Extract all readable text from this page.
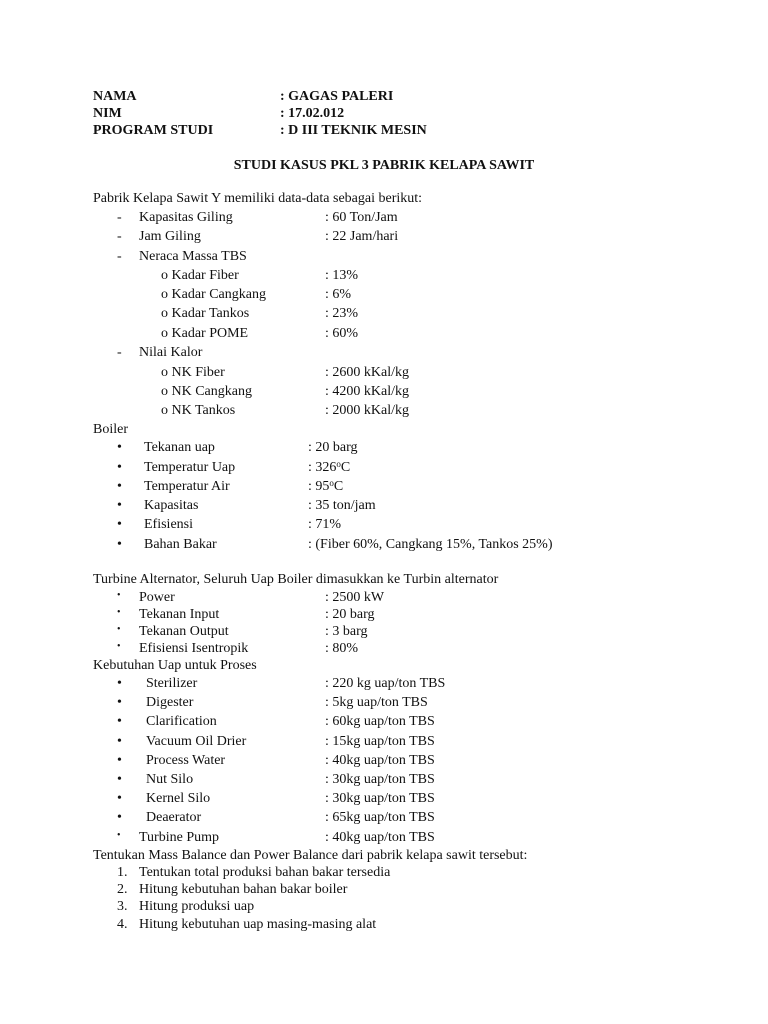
NAMA	: GAGAS PALERI
NIM	: 17.02.012
PROGRAM STUDI	: D III TEKNIK MESIN
STUDI KASUS PKL 3 PABRIK KELAPA SAWIT
Pabrik Kelapa Sawit Y memiliki data-data sebagai berikut:
- Kapasitas Giling	: 60 Ton/Jam
- Jam Giling	: 22 Jam/hari
- Neraca Massa TBS
o Kadar Fiber	: 13%
o Kadar Cangkang	: 6%
o Kadar Tankos	: 23%
o Kadar POME	: 60%
- Nilai Kalor
o NK Fiber	: 2600 kKal/kg
o NK Cangkang	: 4200 kKal/kg
o NK Tankos	: 2000 kKal/kg
Boiler
• Tekanan uap	: 20 barg
• Temperatur Uap	: 326$^o$C
• Temperatur Air	: 95$^o$C
• Kapasitas	: 35 ton/jam
• Efisiensi	: 71%
• Bahan Bakar	: (Fiber 60%, Cangkang 15%, Tankos 25%)
Turbine Alternator, Seluruh Uap Boiler dimasukkan ke Turbin alternator
• Power	: 2500 kW
• Tekanan Input	: 20 barg
• Tekanan Output	: 3 barg
• Efisiensi Isentropik	: 80%
Kebutuhan Uap untuk Proses
• Sterilizer	: 220 kg uap/ton TBS
• Digester	: 5kg uap/ton TBS
• Clarification	: 60kg uap/ton TBS
• Vacuum Oil Drier	: 15kg uap/ton TBS
• Process Water	: 40kg uap/ton TBS
• Nut Silo	: 30kg uap/ton TBS
• Kernel Silo	: 30kg uap/ton TBS
• Deaerator	: 65kg uap/ton TBS
• Turbine Pump	: 40kg uap/ton TBS
Tentukan Mass Balance dan Power Balance dari pabrik kelapa sawit tersebut:
1. Tentukan total produksi bahan bakar tersedia
2. Hitung kebutuhan bahan bakar boiler
3. Hitung produksi uap
4. Hitung kebutuhan uap masing-masing alat
